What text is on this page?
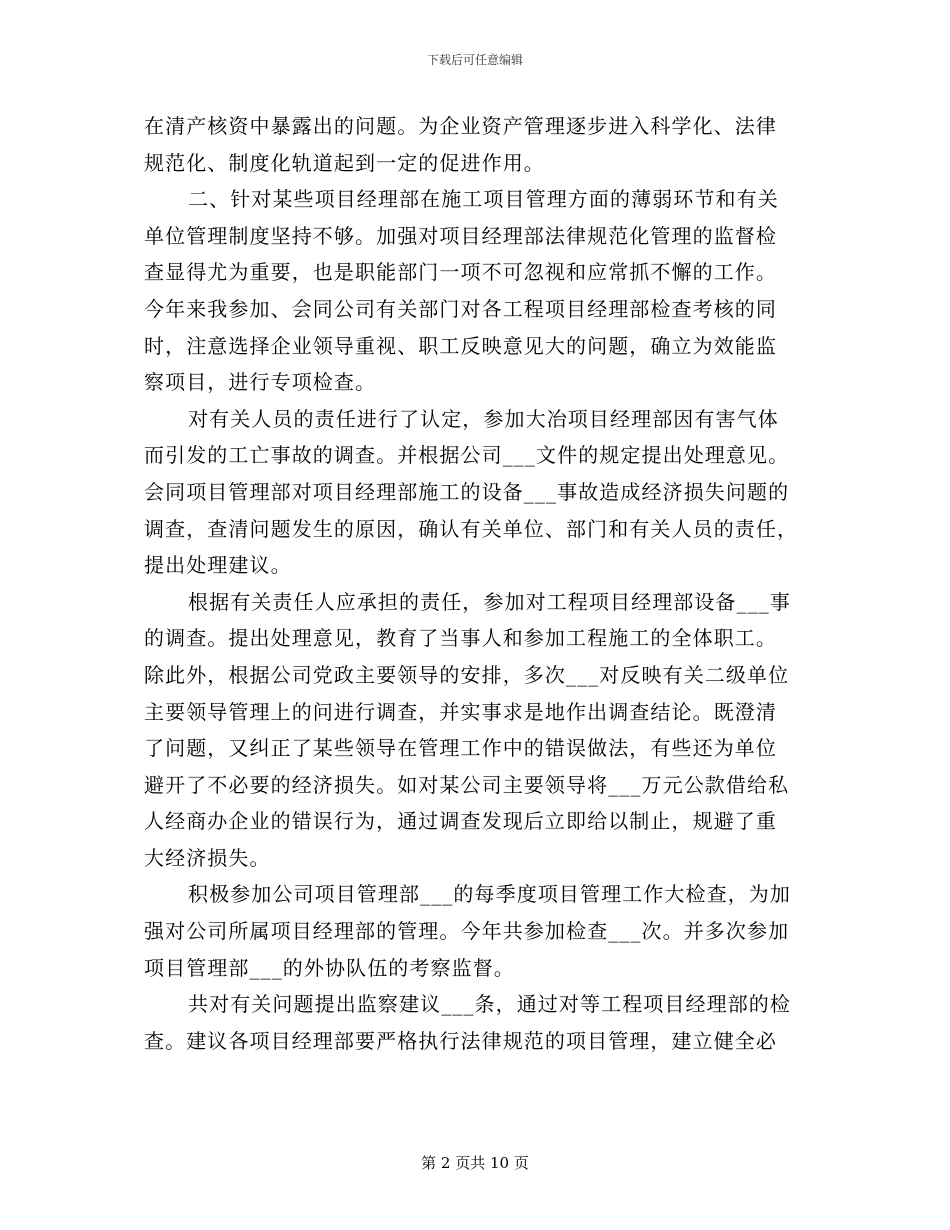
下载后可任意编辑
在清产核资中暴露出的问题。为企业资产管理逐步进入科学化、法律
规范化、制度化轨道起到一定的促进作用。
二、针对某些项目经理部在施工项目管理方面的薄弱环节和有关
单位管理制度坚持不够。加强对项目经理部法律规范化管理的监督检
查显得尤为重要，也是职能部门一项不可忽视和应常抓不懈的工作。
今年来我参加、会同公司有关部门对各工程项目经理部检查考核的同
时，注意选择企业领导重视、职工反映意见大的问题，确立为效能监
察项目，进行专项检查。
对有关人员的责任进行了认定，参加大冶项目经理部因有害气体
而引发的工亡事故的调查。并根据公司___文件的规定提出处理意见。
会同项目管理部对项目经理部施工的设备___事故造成经济损失问题的
调查，查清问题发生的原因，确认有关单位、部门和有关人员的责任，
提出处理建议。
根据有关责任人应承担的责任，参加对工程项目经理部设备___事
的调查。提出处理意见，教育了当事人和参加工程施工的全体职工。
除此外，根据公司党政主要领导的安排，多次___对反映有关二级单位
主要领导管理上的问进行调查，并实事求是地作出调查结论。既澄清
了问题，又纠正了某些领导在管理工作中的错误做法，有些还为单位
避开了不必要的经济损失。如对某公司主要领导将___万元公款借给私
人经商办企业的错误行为，通过调查发现后立即给以制止，规避了重
大经济损失。
积极参加公司项目管理部___的每季度项目管理工作大检查，为加
强对公司所属项目经理部的管理。今年共参加检查___次。并多次参加
项目管理部___的外协队伍的考察监督。
共对有关问题提出监察建议___条，通过对等工程项目经理部的检
查。建议各项目经理部要严格执行法律规范的项目管理，建立健全必
第 2 页共 10 页
